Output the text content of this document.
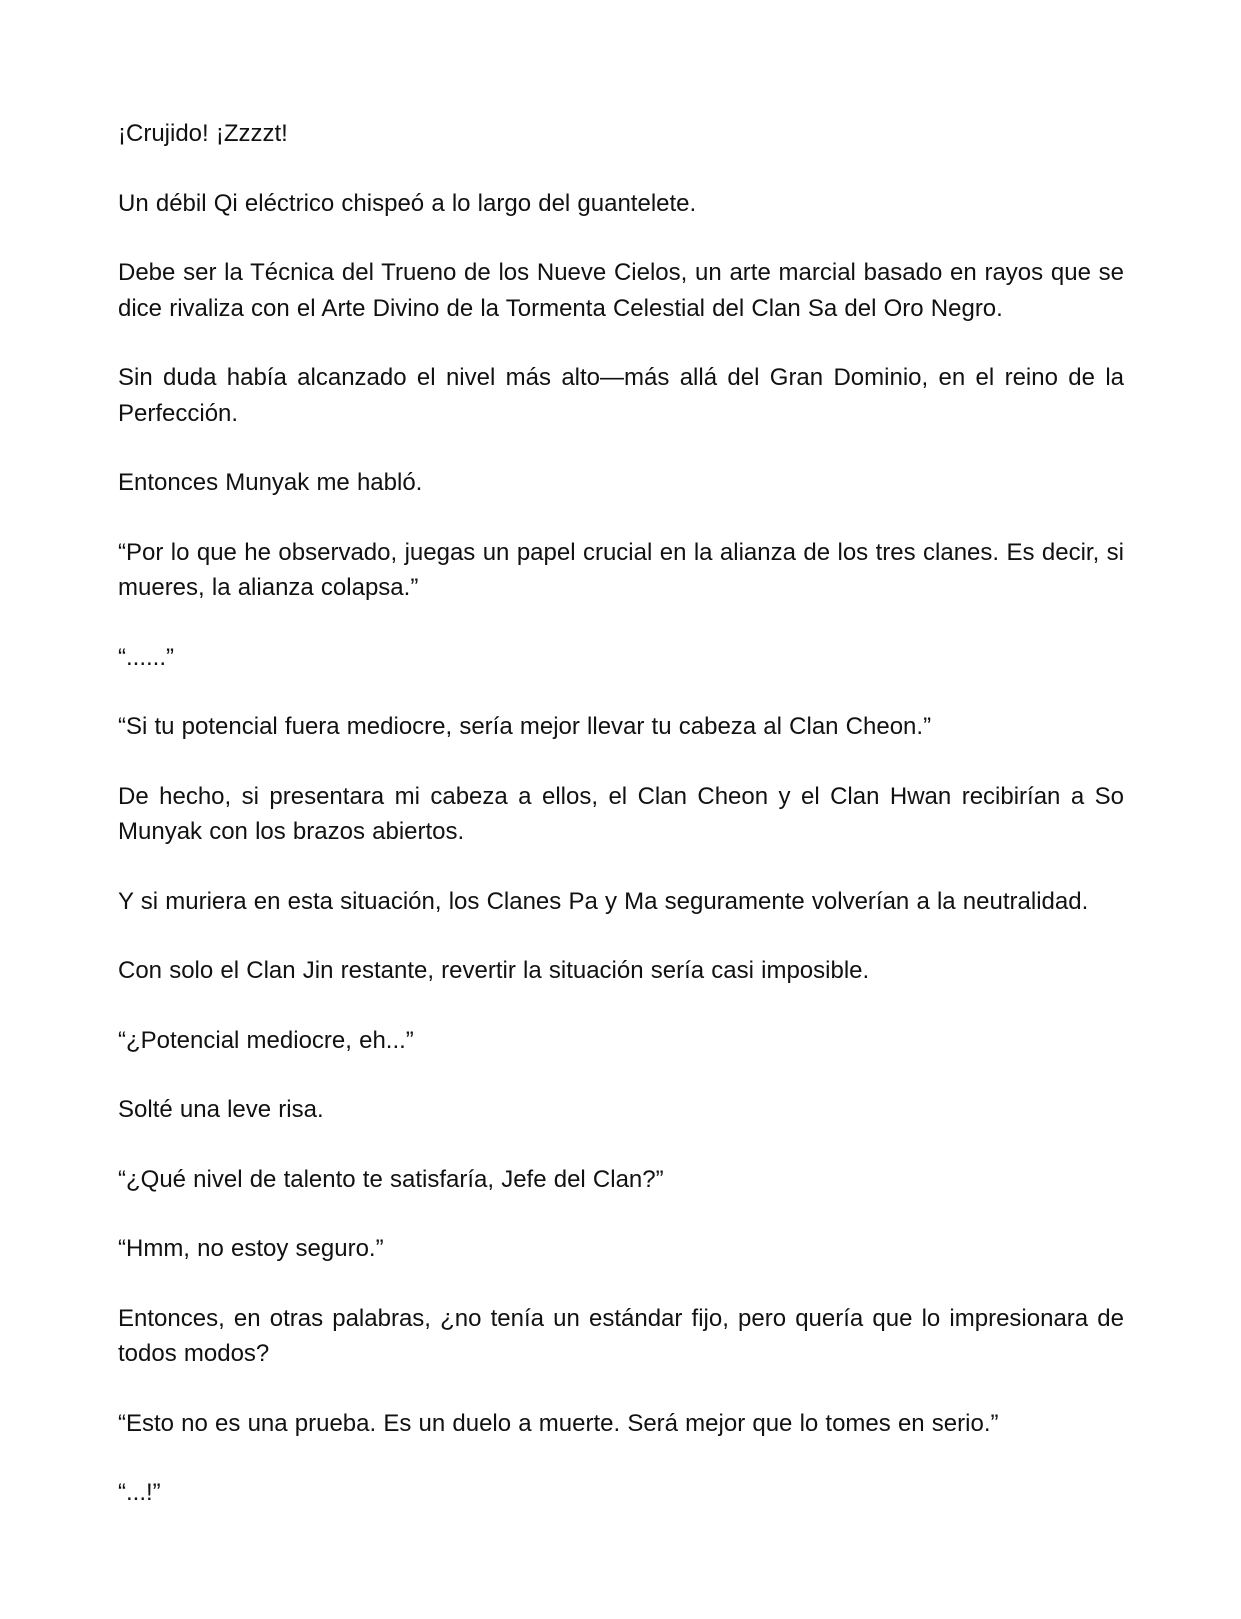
¡Crujido! ¡Zzzzt!

Un débil Qi eléctrico chispeó a lo largo del guantelete.

Debe ser la Técnica del Trueno de los Nueve Cielos, un arte marcial basado en rayos que se dice rivaliza con el Arte Divino de la Tormenta Celestial del Clan Sa del Oro Negro.

Sin duda había alcanzado el nivel más alto—más allá del Gran Dominio, en el reino de la Perfección.

Entonces Munyak me habló.

“Por lo que he observado, juegas un papel crucial en la alianza de los tres clanes. Es decir, si mueres, la alianza colapsa.”

“......”

“Si tu potencial fuera mediocre, sería mejor llevar tu cabeza al Clan Cheon.”

De hecho, si presentara mi cabeza a ellos, el Clan Cheon y el Clan Hwan recibirían a So Munyak con los brazos abiertos.

Y si muriera en esta situación, los Clanes Pa y Ma seguramente volverían a la neutralidad.

Con solo el Clan Jin restante, revertir la situación sería casi imposible.

“¿Potencial mediocre, eh...”

Solté una leve risa.

“¿Qué nivel de talento te satisfaría, Jefe del Clan?”

“Hmm, no estoy seguro.”

Entonces, en otras palabras, ¿no tenía un estándar fijo, pero quería que lo impresionara de todos modos?

“Esto no es una prueba. Es un duelo a muerte. Será mejor que lo tomes en serio.”

“...!”
